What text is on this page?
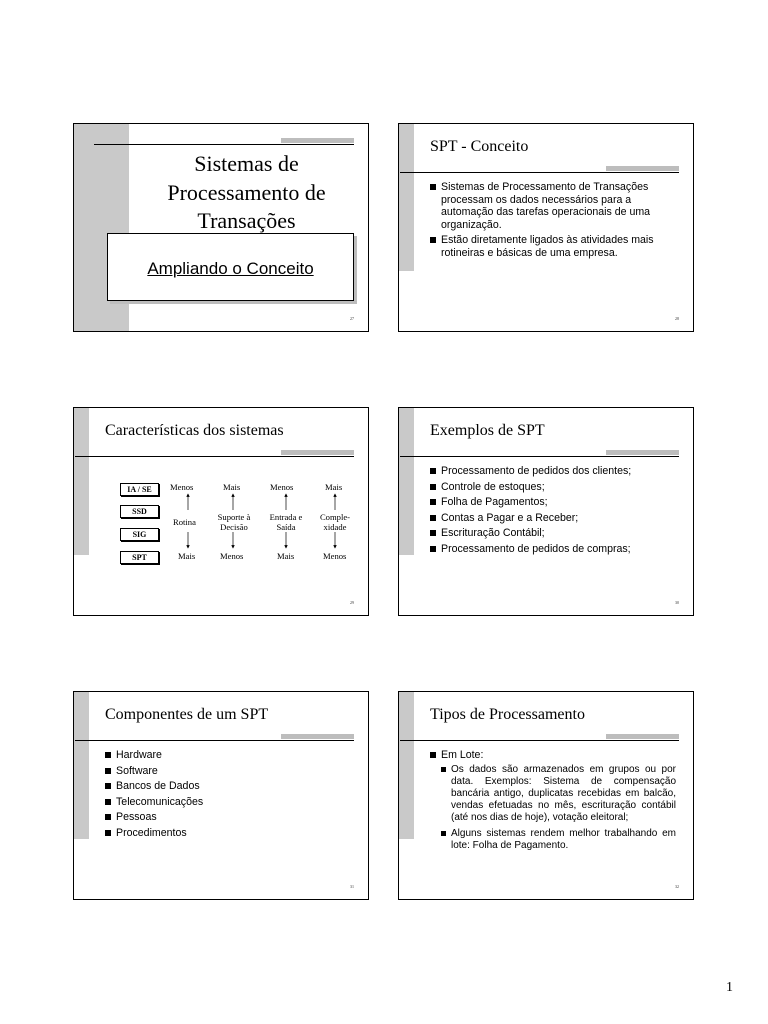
Sistemas de
Processamento de
Transações
Ampliando o Conceito
27
SPT - Conceito
Sistemas de Processamento de Transações processam os dados necessários para a automação das tarefas operacionais de uma organização.
Estão diretamente ligados às atividades mais rotineiras e básicas de uma empresa.
28
Características dos sistemas
IA / SE
SSD
SIG
SPT
Menos
Rotina
Mais
Mais
Suporte à Decisão
Menos
Menos
Entrada e Saída
Mais
Mais
Comple- xidade
Menos
29
Exemplos de SPT
Processamento de pedidos dos clientes;
Controle de estoques;
Folha de Pagamentos;
Contas a Pagar e a Receber;
Escrituração Contábil;
Processamento de pedidos de compras;
30
Componentes de um SPT
Hardware
Software
Bancos de Dados
Telecomunicações
Pessoas
Procedimentos
31
Tipos de Processamento
Em Lote:
Os dados são armazenados em grupos ou por data. Exemplos: Sistema de compensação bancária antigo, duplicatas recebidas em balcão, vendas efetuadas no mês, escrituração contábil (até nos dias de hoje), votação eleitoral;
Alguns sistemas rendem melhor trabalhando em lote: Folha de Pagamento.
32
1
